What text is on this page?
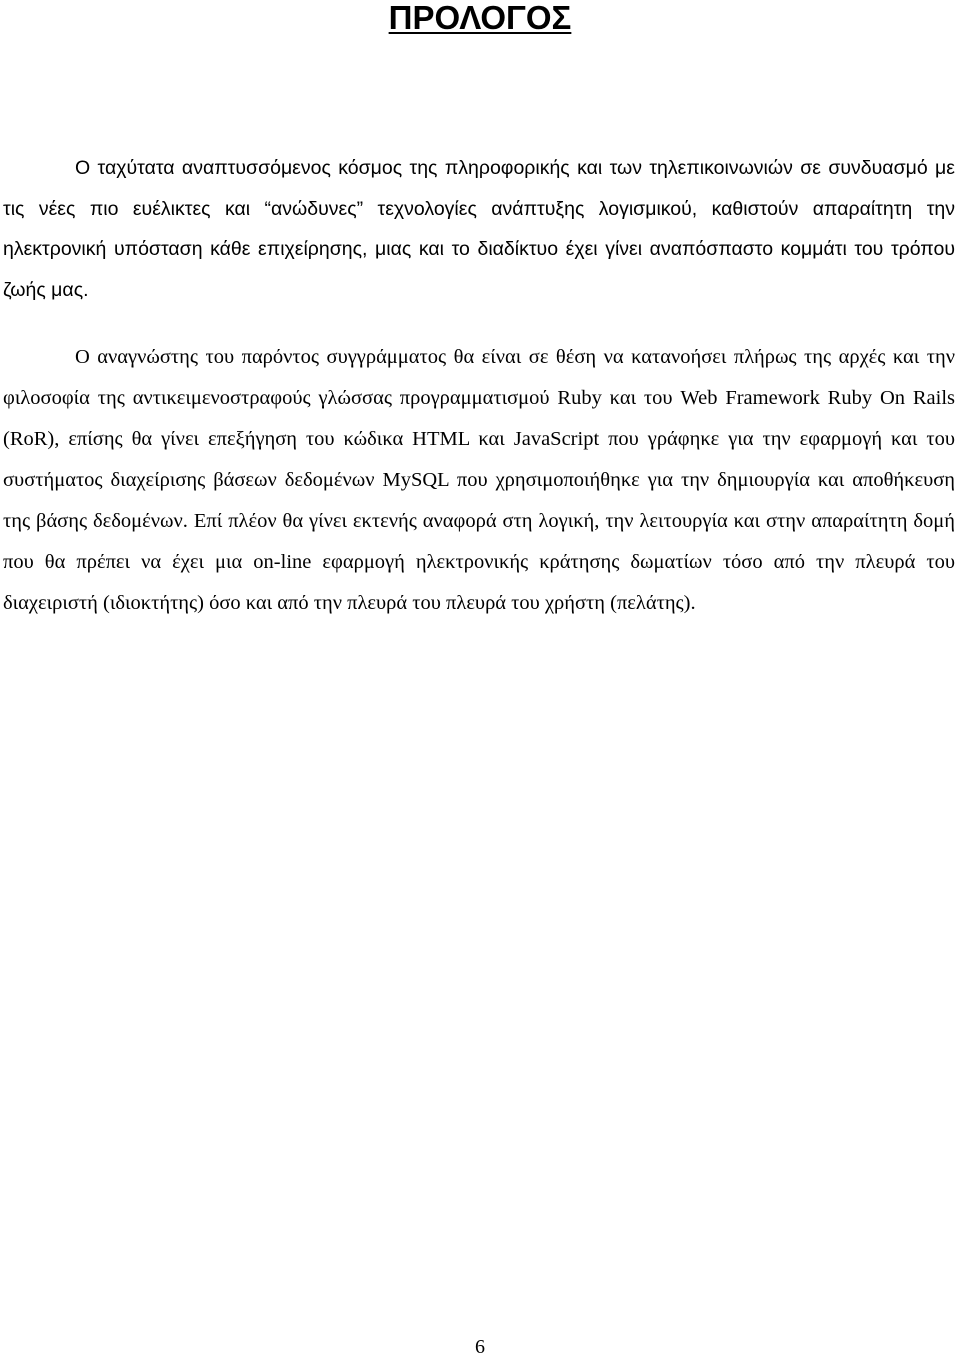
ΠΡΟΛΟΓΟΣ

Ο ταχύτατα αναπτυσσόμενος κόσμος της πληροφορικής και των τηλεπικοινωνιών σε συνδυασμό με τις νέες πιο ευέλικτες και “ανώδυνες” τεχνολογίες ανάπτυξης λογισμικού, καθιστούν απαραίτητη την ηλεκτρονική υπόσταση κάθε επιχείρησης, μιας και το διαδίκτυο έχει γίνει αναπόσπαστο κομμάτι του τρόπου ζωής μας.

Ο αναγνώστης του παρόντος συγγράμματος θα είναι σε θέση να κατανοήσει πλήρως της αρχές και την φιλοσοφία της αντικειμενοστραφούς γλώσσας προγραμματισμού Ruby και του Web Framework Ruby On Rails (RoR), επίσης θα γίνει επεξήγηση του κώδικα HTML και JavaScript που γράφηκε για την εφαρμογή και του συστήματος διαχείρισης βάσεων δεδομένων MySQL που χρησιμοποιήθηκε για την δημιουργία και αποθήκευση της βάσης δεδομένων. Επί πλέον θα γίνει εκτενής αναφορά στη λογική, την λειτουργία και στην απαραίτητη δομή που θα πρέπει να έχει μια on-line εφαρμογή ηλεκτρονικής κράτησης δωματίων τόσο από την πλευρά του διαχειριστή (ιδιοκτήτης) όσο και από την πλευρά του πλευρά του χρήστη (πελάτης).

6
